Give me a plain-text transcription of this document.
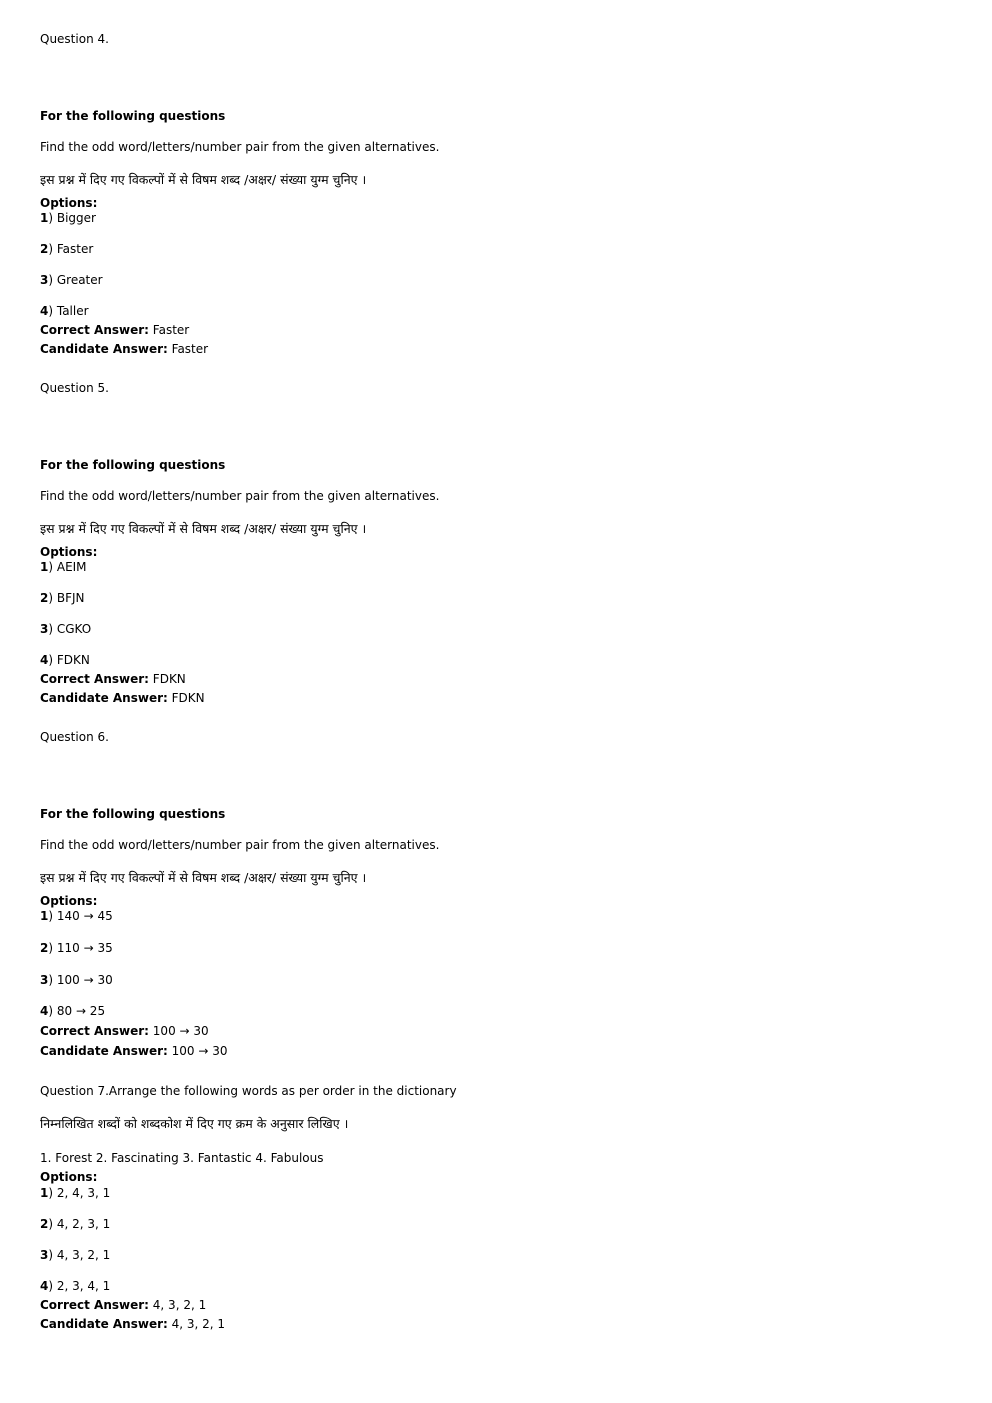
Question 4.
For the following questions
Find the odd word/letters/number pair from the given alternatives.
इस प्रश्न में दिए गए विकल्पों में से विषम शब्द /अक्षर/ संख्या युग्म चुनिए ।
Options:
1) Bigger
2) Faster
3) Greater
4) Taller
Correct Answer: Faster
Candidate Answer: Faster
Question 5.
For the following questions
Find the odd word/letters/number pair from the given alternatives.
इस प्रश्न में दिए गए विकल्पों में से विषम शब्द /अक्षर/ संख्या युग्म चुनिए ।
Options:
1) AEIM
2) BFJN
3) CGKO
4) FDKN
Correct Answer: FDKN
Candidate Answer: FDKN
Question 6.
For the following questions
Find the odd word/letters/number pair from the given alternatives.
इस प्रश्न में दिए गए विकल्पों में से विषम शब्द /अक्षर/ संख्या युग्म चुनिए ।
Options:
1) 140 → 45
2) 110 → 35
3) 100 → 30
4) 80 → 25
Correct Answer: 100 → 30
Candidate Answer: 100 → 30
Question 7.Arrange the following words as per order in the dictionary
निम्नलिखित शब्दों को शब्दकोश में दिए गए क्रम के अनुसार लिखिए ।
1. Forest 2. Fascinating 3. Fantastic 4. Fabulous
Options:
1) 2, 4, 3, 1
2) 4, 2, 3, 1
3) 4, 3, 2, 1
4) 2, 3, 4, 1
Correct Answer: 4, 3, 2, 1
Candidate Answer: 4, 3, 2, 1
